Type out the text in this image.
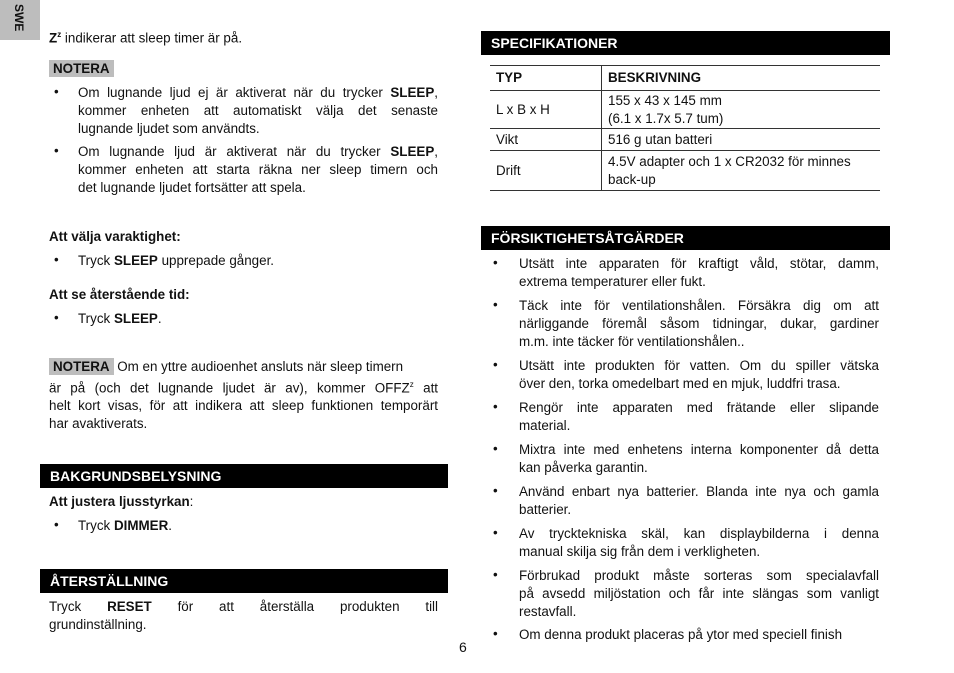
SWE
$Z^z$ indikerar att sleep timer är på.
NOTERA
•
Om lugnande ljud ej är aktiverat när du trycker SLEEP,
kommer enheten att automatiskt välja det senaste
lugnande ljudet som användts.
•
Om lugnande ljud är aktiverat när du trycker SLEEP,
kommer enheten att starta räkna ner sleep timern och
det lugnande ljudet fortsätter att spela.
Att välja varaktighet:
•
Tryck SLEEP upprepade gånger.
Att se återstående tid:
•
Tryck SLEEP.
NOTERA Om en yttre audioenhet ansluts när sleep timern
är på (och det lugnande ljudet är av), kommer OFFZ$^z$ att
helt kort visas, för att indikera att sleep funktionen temporärt
har avaktiverats.
BAKGRUNDSBELYSNING
Att justera ljusstyrkan:
•
Tryck DIMMER.
ÅTERSTÄLLNING
Tryck RESET för att återställa produkten till
grundinställning.
SPECIFIKATIONER
TYP	BESKRIVNING
L x B x H	155 x 43 x 145 mm
(6.1 x 1.7x 5.7 tum)

Vikt	516 g utan batteri

Drift	4.5V adapter och 1 x CR2032 för minnes
back-up
FÖRSIKTIGHETSÅTGÄRDER
•
Utsätt inte apparaten för kraftigt våld, stötar, damm,
extrema temperaturer eller fukt.
•
Täck inte för ventilationshålen. Försäkra dig om att
närliggande föremål såsom tidningar, dukar, gardiner
m.m. inte täcker för ventilationshålen..
•
Utsätt inte produkten för vatten. Om du spiller vätska
över den, torka omedelbart med en mjuk, luddfri trasa.
•
Rengör inte apparaten med frätande eller slipande
material.
•
Mixtra inte med enhetens interna komponenter då detta
kan påverka garantin.
•
Använd enbart nya batterier. Blanda inte nya och gamla
batterier.
•
Av trycktekniska skäl, kan displaybilderna i denna
manual skilja sig från dem i verkligheten.
•
Förbrukad produkt måste sorteras som specialavfall
på avsedd miljöstation och får inte slängas som vanligt
restavfall.
•
Om denna produkt placeras på ytor med speciell finish
6
